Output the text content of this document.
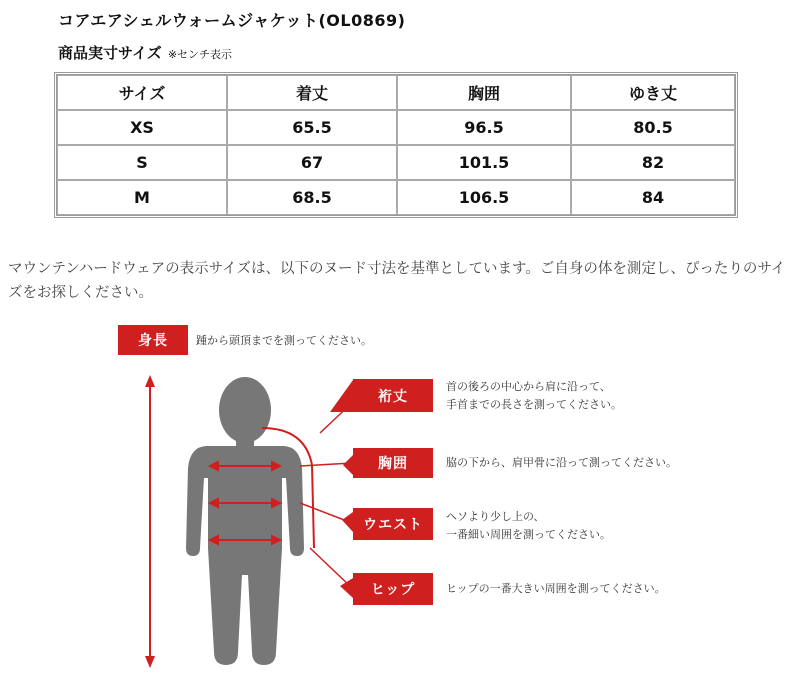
コアエアシェルウォームジャケット(OL0869)
商品実寸サイズ ※センチ表示
サイズ	着丈	胸囲	ゆき丈
XS	65.5	96.5	80.5
S	67	101.5	82
M	68.5	106.5	84
マウンテンハードウェアの表示サイズは、以下のヌード寸法を基準としています。ご自身の体を測定し、ぴったりのサイズをお探しください。
身長	踵から頭頂までを測ってください。
裄丈
首の後ろの中心から肩に沿って、
手首までの長さを測ってください。
胸囲	脇の下から、肩甲骨に沿って測ってください。
ウエスト
ヘソより少し上の、
一番細い周囲を測ってください。
ヒップ	ヒップの一番大きい周囲を測ってください。
